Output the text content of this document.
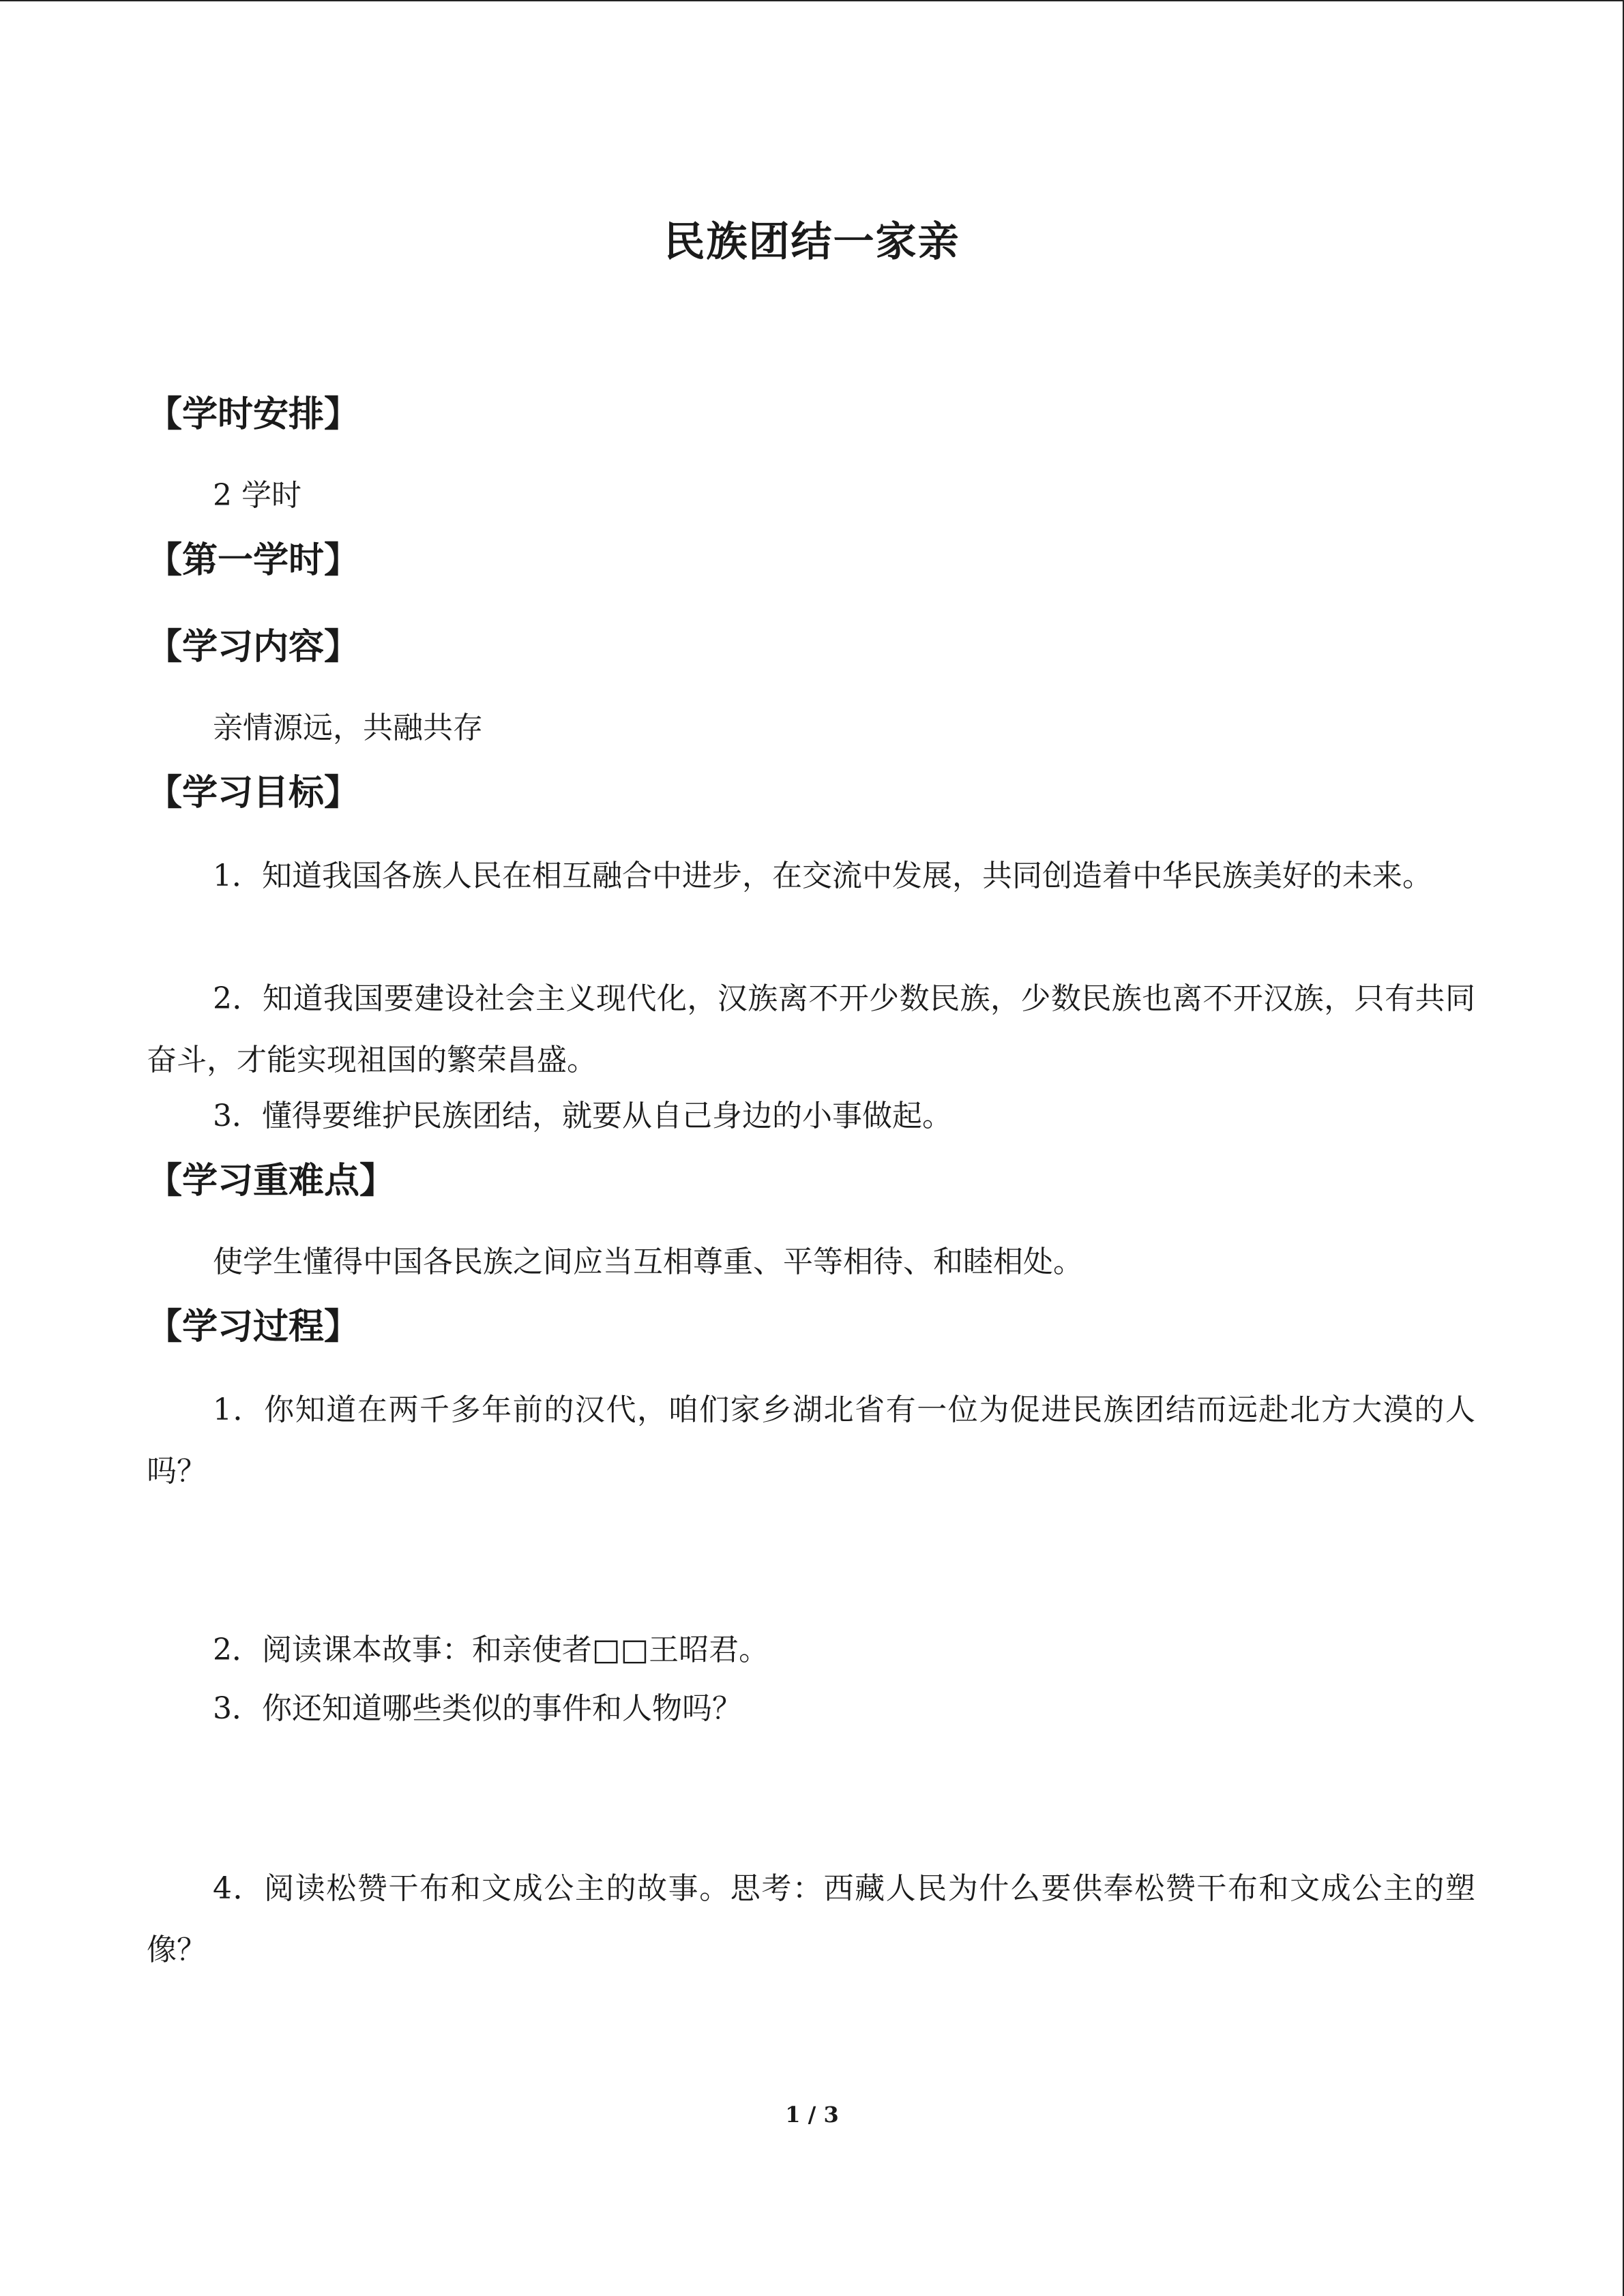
民族团结一家亲
【学时安排】
2 学时
【第一学时】
【学习内容】
亲情源远，共融共存
【学习目标】
1．知道我国各族人民在相互融合中进步，在交流中发展，共同创造着中华民族美好的未来。
2．知道我国要建设社会主义现代化，汉族离不开少数民族，少数民族也离不开汉族，只有共同奋斗，才能实现祖国的繁荣昌盛。
3．懂得要维护民族团结，就要从自己身边的小事做起。
【学习重难点】
使学生懂得中国各民族之间应当互相尊重、平等相待、和睦相处。
【学习过程】
1．你知道在两千多年前的汉代，咱们家乡湖北省有一位为促进民族团结而远赴北方大漠的人吗？
2．阅读课本故事：和亲使者□□王昭君。
3．你还知道哪些类似的事件和人物吗？
4．阅读松赞干布和文成公主的故事。思考：西藏人民为什么要供奉松赞干布和文成公主的塑像？
1 / 3
